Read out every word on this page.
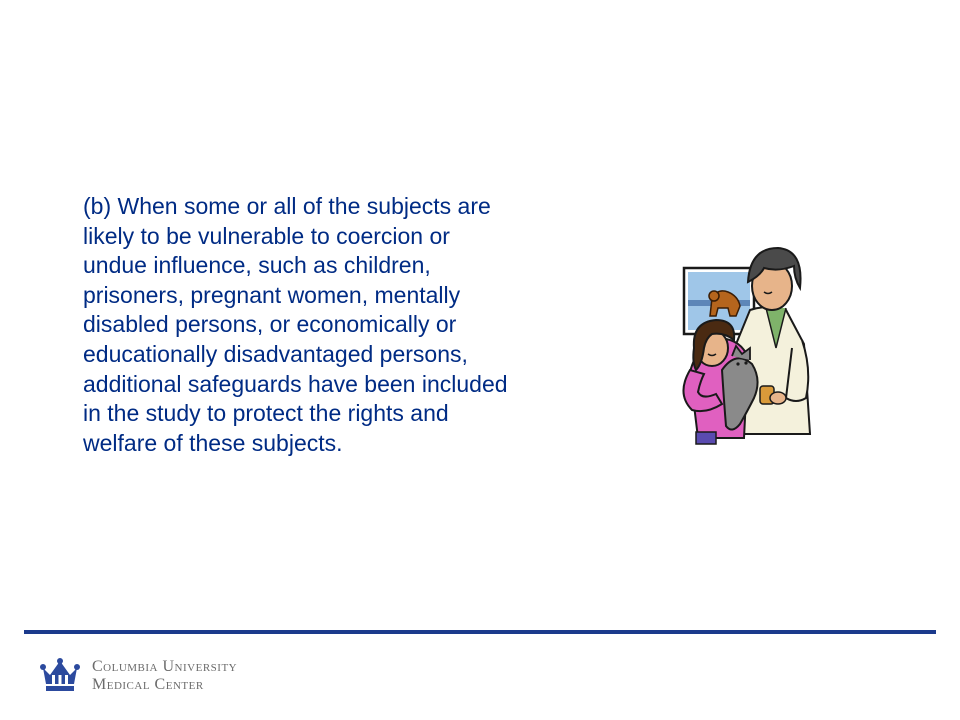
(b) When some or all of the subjects are
likely to be vulnerable to coercion or
undue influence, such as children,
prisoners, pregnant women, mentally
disabled persons, or economically or
educationally disadvantaged persons,
additional safeguards have been included
in the study to protect the rights and
welfare of these subjects.

Columbia University
Medical Center
